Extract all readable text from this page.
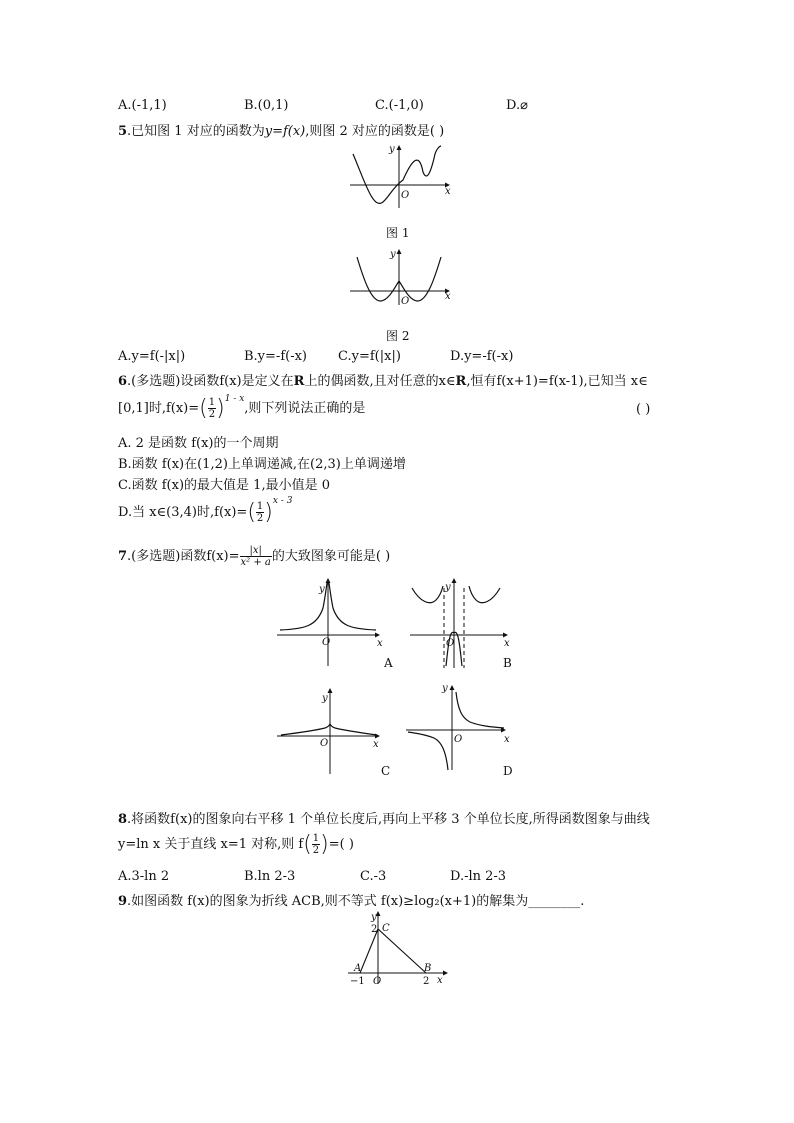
A.(-1,1)	B.(0,1)	C.(-1,0)	D.⌀
5.已知图 1 对应的函数为y=f(x),则图 2 对应的函数是( )
y
x
O
图 1
y
x
O
图 2
A.y=f(-|x|)	B.y=-f(-x) C.y=f(|x|)	D.y=-f(-x)
6.(多选题)设函数f(x)是定义在R上的偶函数,且对任意的x∈R,恒有f(x+1)=f(x-1),已知当 x∈
[0,1]时$,f(x)=( \frac{1}{2} )^{1 - x}$,则下列说法正确的是	( )
A. 2 是函数 f(x)的一个周期
B.函数 f(x)在(1,2)上单调递减,在(2,3)上单调递增
C.函数 f(x)的最大值是 1,最小值是 0
D.当 x∈(3,4)时$,f(x)=( \frac{1}{2} )^{x - 3}$
7.(多选题)函数$f(x)= \frac{|x|}{\text{x² + a}}$ 的大致图象可能是( )
y
x
O
A
y
x
O
B
y
x
O
C
y
x
O
D
8.将函数f(x)的图象向右平移 1 个单位长度后,再向上平移 3 个单位长度,所得函数图象与曲线
y=ln x 关于直线 x=1 对称,则 $f( \frac{1}{2}$ )=( )
A.3-ln 2	B.ln 2-3	C.-3	D.-ln 2-3
9.如图函数 f(x)的图象为折线 ACB,则不等式 f(x)≥log₂(x+1)的解集为________.
y
x
C
2
A	B
−1 O	2
